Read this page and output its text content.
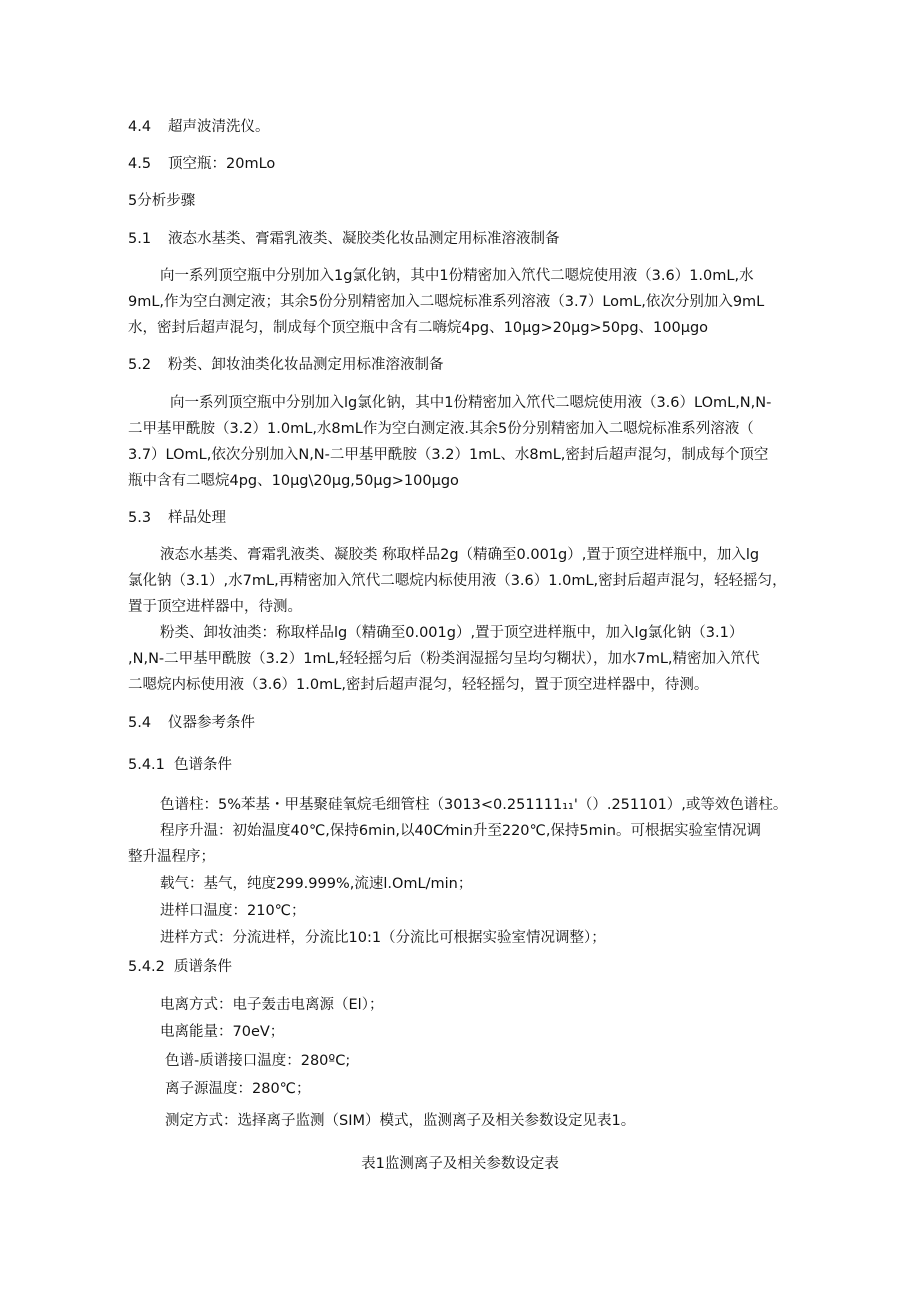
4.4 超声波清洗仪。
4.5 顶空瓶：20mLo
5分析步骤
5.1 液态水基类、膏霜乳液类、凝胶类化妆品测定用标准溶液制备
向一系列顶空瓶中分别加入1g氯化钠，其中1份精密加入笊代二嗯烷使用液（3.6）1.0mL,水
9mL,作为空白测定液；其余5份分别精密加入二嗯烷标准系列溶液（3.7）LomL,依次分别加入9mL
水，密封后超声混匀，制成每个顶空瓶中含有二嗨烷4pg、10μg>20μg>50pg、100μgo
5.2 粉类、卸妆油类化妆品测定用标准溶液制备
向一系列顶空瓶中分别加入lg氯化钠，其中1份精密加入笊代二嗯烷使用液（3.6）LOmL,N,N-
二甲基甲酰胺（3.2）1.0mL,水8mL作为空白测定液.其余5份分别精密加入二嗯烷标准系列溶液（
3.7）LOmL,依次分别加入N,N-二甲基甲酰胺（3.2）1mL、水8mL,密封后超声混匀，制成每个顶空
瓶中含有二嗯烷4pg、10μg\20μg,50μg>100μgo
5.3 样品处理
液态水基类、膏霜乳液类、凝胶类 称取样品2g（精确至0.001g）,置于顶空进样瓶中，加入lg
氯化钠（3.1）,水7mL,再精密加入笊代二嗯烷内标使用液（3.6）1.0mL,密封后超声混匀，轻轻摇匀，
置于顶空进样器中，待测。
粉类、卸妆油类：称取样品lg（精确至0.001g）,置于顶空进样瓶中，加入lg氯化钠（3.1）
,N,N-二甲基甲酰胺（3.2）1mL,轻轻摇匀后（粉类润湿摇匀呈均匀糊状），加水7mL,精密加入笊代
二嗯烷内标使用液（3.6）1.0mL,密封后超声混匀，轻轻摇匀，置于顶空进样器中，待测。
5.4 仪器参考条件
5.4.1 色谱条件
色谱柱：5%苯基・甲基聚硅氧烷毛细管柱（3013<0.251111₁₁'（）.251101）,或等效色谱柱。
程序升温：初始温度40℃,保持6min,以40C⁄min升至220℃,保持5min。可根据实验室情况调
整升温程序；
载气：基气，纯度299.999%,流速l.OmL/min；
进样口温度：210℃；
进样方式：分流进样，分流比10:1（分流比可根据实验室情况调整）；
5.4.2 质谱条件
电离方式：电子轰击电离源（El）；
电离能量：70eV；
色谱-质谱接口温度：280ºC;
离子源温度：280℃；
测定方式：选择离子监测（SIM）模式，监测离子及相关参数设定见表1。
表1监测离子及相关参数设定表
